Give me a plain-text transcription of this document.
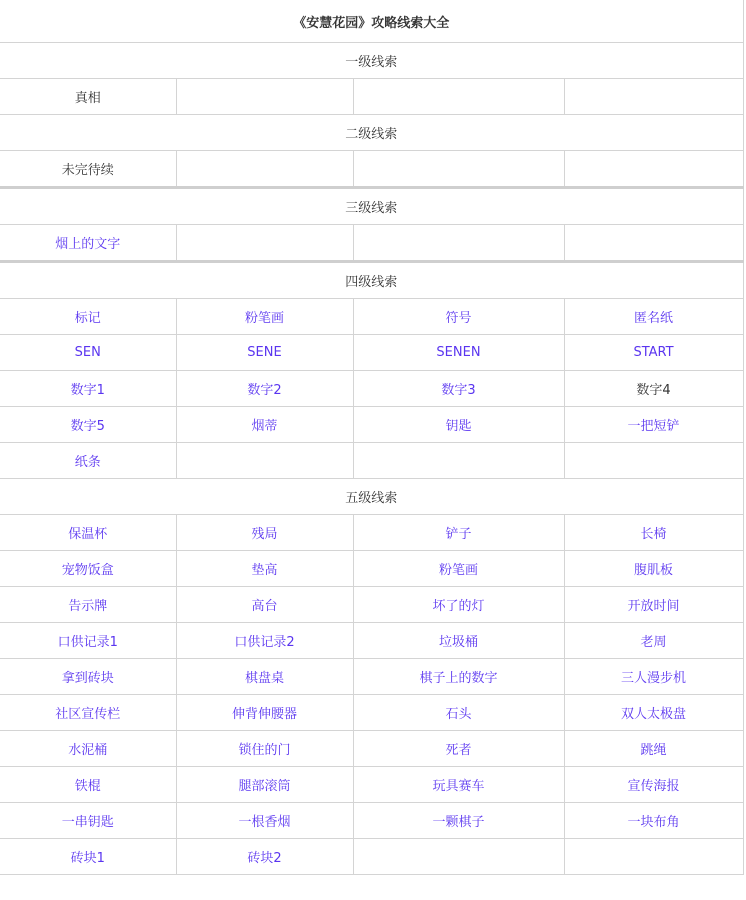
《安慧花园》攻略线索大全			
一级线索			
真相			
二级线索			
未完待续			
三级线索			
烟上的文字			
四级线索			
标记	粉笔画	符号	匿名纸
SEN	SENE	SENEN	START
数字1	数字2	数字3	数字4
数字5	烟蒂	钥匙	一把短铲
纸条			
五级线索			
保温杯	残局	铲子	长椅
宠物饭盒	垫高	粉笔画	腹肌板
告示牌	高台	坏了的灯	开放时间
口供记录1	口供记录2	垃圾桶	老周
拿到砖块	棋盘桌	棋子上的数字	三人漫步机
社区宣传栏	伸背伸腰器	石头	双人太极盘
水泥桶	锁住的门	死者	跳绳
铁棍	腿部滚筒	玩具赛车	宣传海报
一串钥匙	一根香烟	一颗棋子	一块布角
砖块1	砖块2		
